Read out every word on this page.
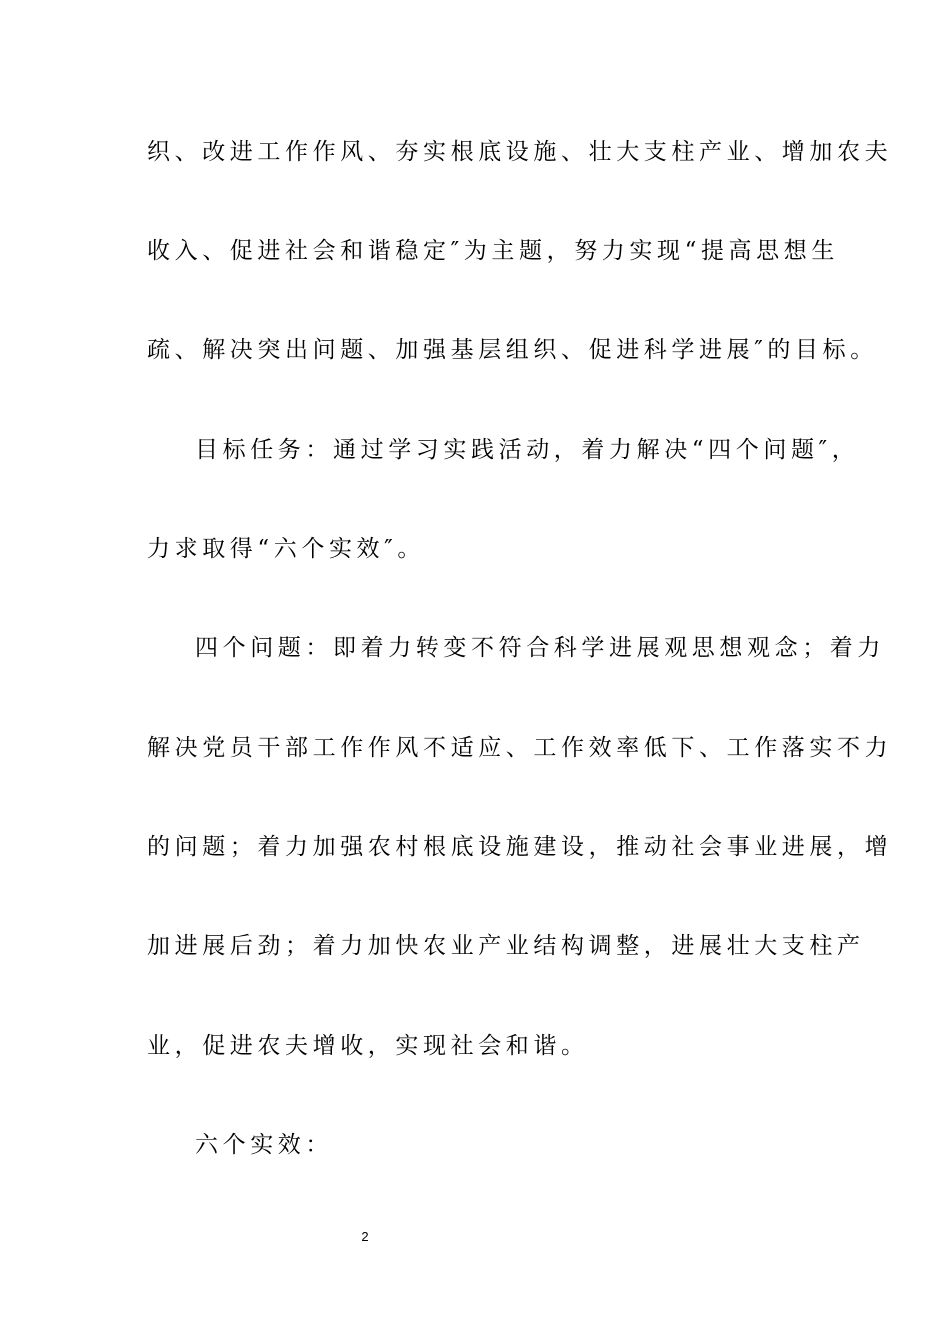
织、改进工作作风、夯实根底设施、壮大支柱产业、增加农夫
收入、促进社会和谐稳定″为主题，努力实现“提高思想生
疏、解决突出问题、加强基层组织、促进科学进展″的目标。
目标任务：通过学习实践活动，着力解决“四个问题″，
力求取得“六个实效″。
四个问题：即着力转变不符合科学进展观思想观念；着力
解决党员干部工作作风不适应、工作效率低下、工作落实不力
的问题；着力加强农村根底设施建设，推动社会事业进展，增
加进展后劲；着力加快农业产业结构调整，进展壮大支柱产
业，促进农夫增收，实现社会和谐。
六个实效：
2
